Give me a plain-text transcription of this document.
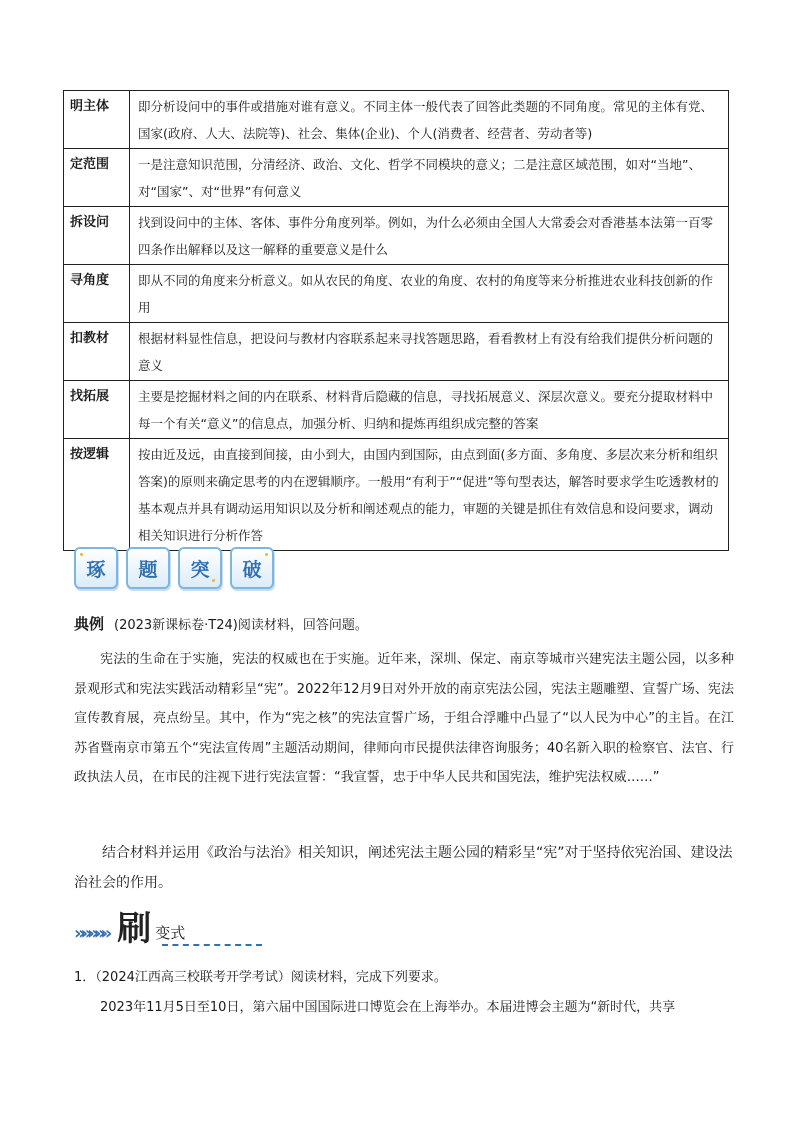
明主体	即分析设问中的事件或措施对谁有意义。不同主体一般代表了回答此类题的不同角度。常见的主体有党、国家(政府、人大、法院等)、社会、集体(企业)、个人(消费者、经营者、劳动者等)
定范围	一是注意知识范围，分清经济、政治、文化、哲学不同模块的意义；二是注意区域范围，如对“当地”、对“国家”、对“世界”有何意义
拆设问	找到设问中的主体、客体、事件分角度列举。例如，为什么必须由全国人大常委会对香港基本法第一百零四条作出解释以及这一解释的重要意义是什么
寻角度	即从不同的角度来分析意义。如从农民的角度、农业的角度、农村的角度等来分析推进农业科技创新的作用
扣教材	根据材料显性信息，把设问与教材内容联系起来寻找答题思路，看看教材上有没有给我们提供分析问题的意义
找拓展	主要是挖掘材料之间的内在联系、材料背后隐藏的信息，寻找拓展意义、深层次意义。要充分提取材料中每一个有关“意义”的信息点，加强分析、归纳和提炼再组织成完整的答案
按逻辑	按由近及远，由直接到间接，由小到大，由国内到国际，由点到面(多方面、多角度、多层次来分析和组织答案)的原则来确定思考的内在逻辑顺序。一般用“有利于”“促进”等句型表达，解答时要求学生吃透教材的基本观点并具有调动运用知识以及分析和阐述观点的能力，审题的关键是抓住有效信息和设问要求，调动相关知识进行分析作答
琢 题 突 破
典例 (2023新课标卷·T24)阅读材料，回答问题。

宪法的生命在于实施，宪法的权威也在于实施。近年来，深圳、保定、南京等城市兴建宪法主题公园，以多种景观形式和宪法实践活动精彩呈“宪”。2022年12月9日对外开放的南京宪法公园，宪法主题雕塑、宣誓广场、宪法宣传教育展，亮点纷呈。其中，作为“宪之核”的宪法宣誓广场，于组合浮雕中凸显了“以人民为中心”的主旨。在江苏省暨南京市第五个“宪法宣传周”主题活动期间，律师向市民提供法律咨询服务；40名新入职的检察官、法官、行政执法人员，在市民的注视下进行宪法宣誓：“我宣誓，忠于中华人民共和国宪法，维护宪法权威……”

结合材料并运用《政治与法治》相关知识，阐述宪法主题公园的精彩呈“宪”对于坚持依宪治国、建设法治社会的作用。
»
»
»
»
» 刷 变式
1．（2024江西高三校联考开学考试）阅读材料，完成下列要求。
2023年11月5日至10日，第六届中国国际进口博览会在上海举办。本届进博会主题为“新时代，共享
